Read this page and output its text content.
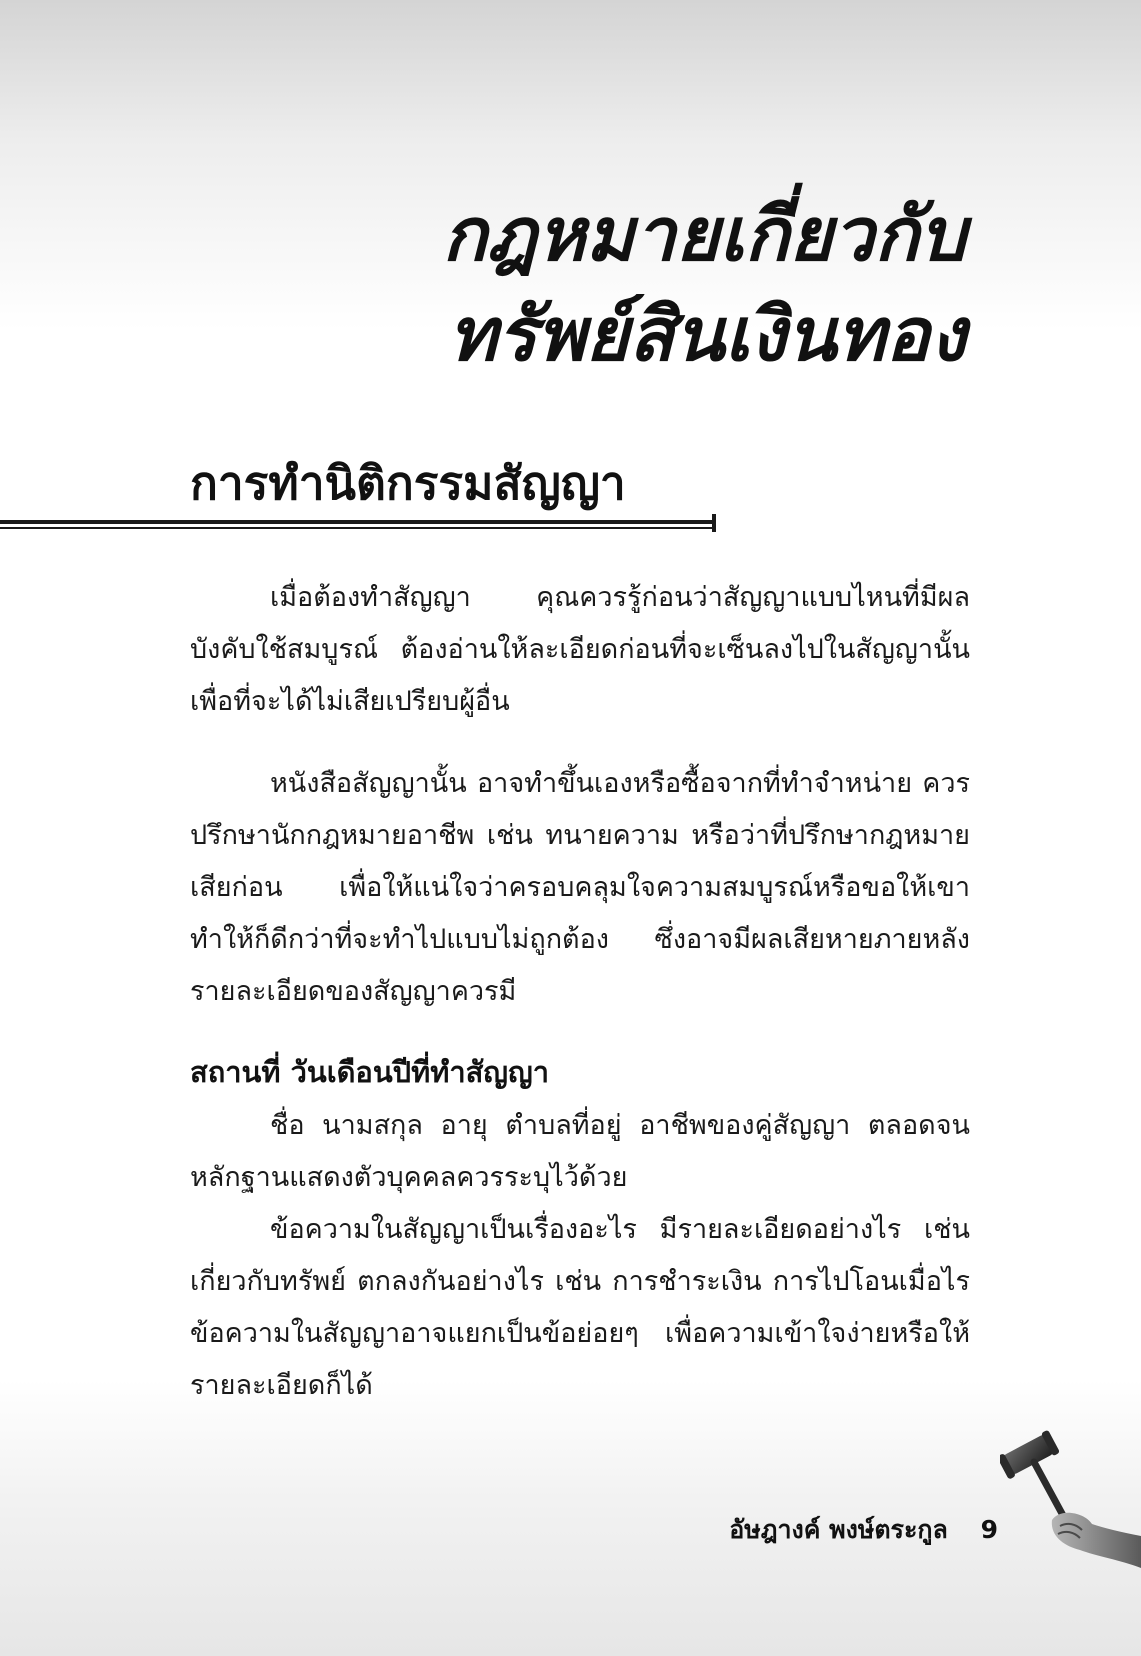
กฎหมายเกี่ยวกับ
ทรัพย์สินเงินทอง
การทำนิติกรรมสัญญา

เมื่อต้องทำสัญญา คุณควรรู้ก่อนว่าสัญญาแบบไหนที่มีผลบังคับใช้สมบูรณ์ ต้องอ่านให้ละเอียดก่อนที่จะเซ็นลงไปในสัญญานั้นเพื่อที่จะได้ไม่เสียเปรียบผู้อื่น

หนังสือสัญญานั้น อาจทำขึ้นเองหรือซื้อจากที่ทำจำหน่าย ควรปรึกษานักกฎหมายอาชีพ เช่น ทนายความ หรือว่าที่ปรึกษากฎหมายเสียก่อน เพื่อให้แน่ใจว่าครอบคลุมใจความสมบูรณ์หรือขอให้เขาทำให้ก็ดีกว่าที่จะทำไปแบบไม่ถูกต้อง ซึ่งอาจมีผลเสียหายภายหลัง รายละเอียดของสัญญาควรมี

สถานที่ วันเดือนปีที่ทำสัญญา

ชื่อ นามสกุล อายุ ตำบลที่อยู่ อาชีพของคู่สัญญา ตลอดจนหลักฐานแสดงตัวบุคคลควรระบุไว้ด้วย

ข้อความในสัญญาเป็นเรื่องอะไร มีรายละเอียดอย่างไร เช่น เกี่ยวกับทรัพย์ ตกลงกันอย่างไร เช่น การชำระเงิน การไปโอนเมื่อไร ข้อความในสัญญาอาจแยกเป็นข้อย่อยๆ เพื่อความเข้าใจง่ายหรือให้รายละเอียดก็ได้

อัษฎางค์ พงษ์ตระกูล 9
